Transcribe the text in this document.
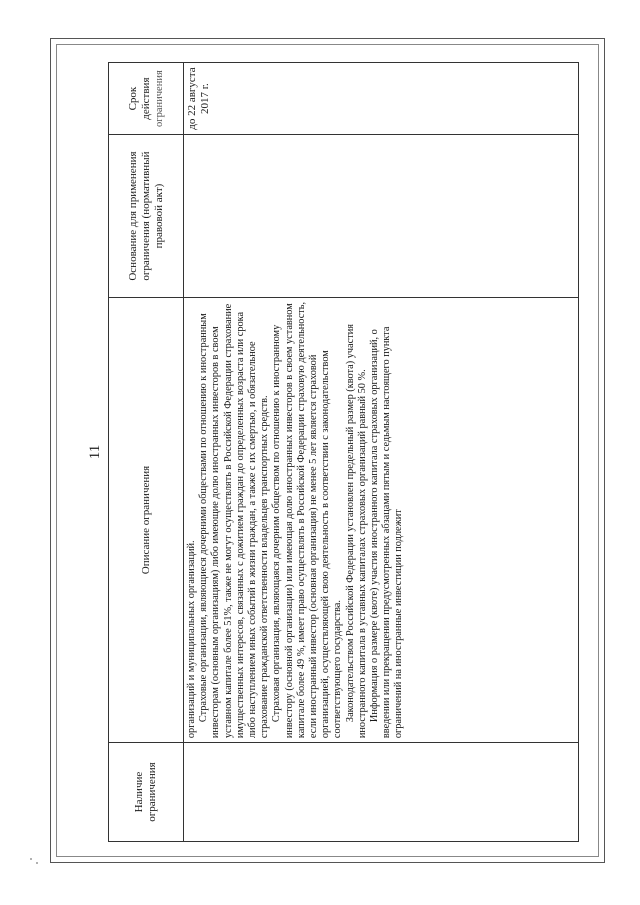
11
Наличие ограничения	Описание ограничения	Основание для применения ограничения (нормативный правовой акт)	Срок действия ограничения

	организаций и муниципальных организаций. Страховые организации, являющиеся дочерними обществами по отношению к иностранным инвесторам (основным организациям) либо имеющие долю иностранных инвесторов в своем уставном капитале более 51%, также не могут осуществлять в Российской Федерации страхование имущественных интересов, связанных с дожитием граждан до определенных возраста или срока либо наступлением иных событий в жизни граждан, а также с их смертью, и обязательное страхование гражданской ответственности владельцев транспортных средств. Страховая организация, являющаяся дочерним обществом по отношению к иностранному инвестору (основной организации) или имеющая долю иностранных инвесторов в своем уставном капитале более 49 %, имеет право осуществлять в Российской Федерации страховую деятельность, если иностранный инвестор (основная организация) не менее 5 лет является страховой организацией, осуществляющей свою деятельность в соответствии с законодательством соответствующего государства. Законодательством Российской Федерации установлен предельный размер (квота) участия иностранного капитала в уставных капиталах страховых организаций равный 50 %. Информация о размере (квоте) участия иностранного капитала страховых организаций, о введении или прекращении предусмотренных абзацами пятым и седьмым настоящего пункта ограничений на иностранные инвестиции подлежит		до 22 августа 2017 г.
